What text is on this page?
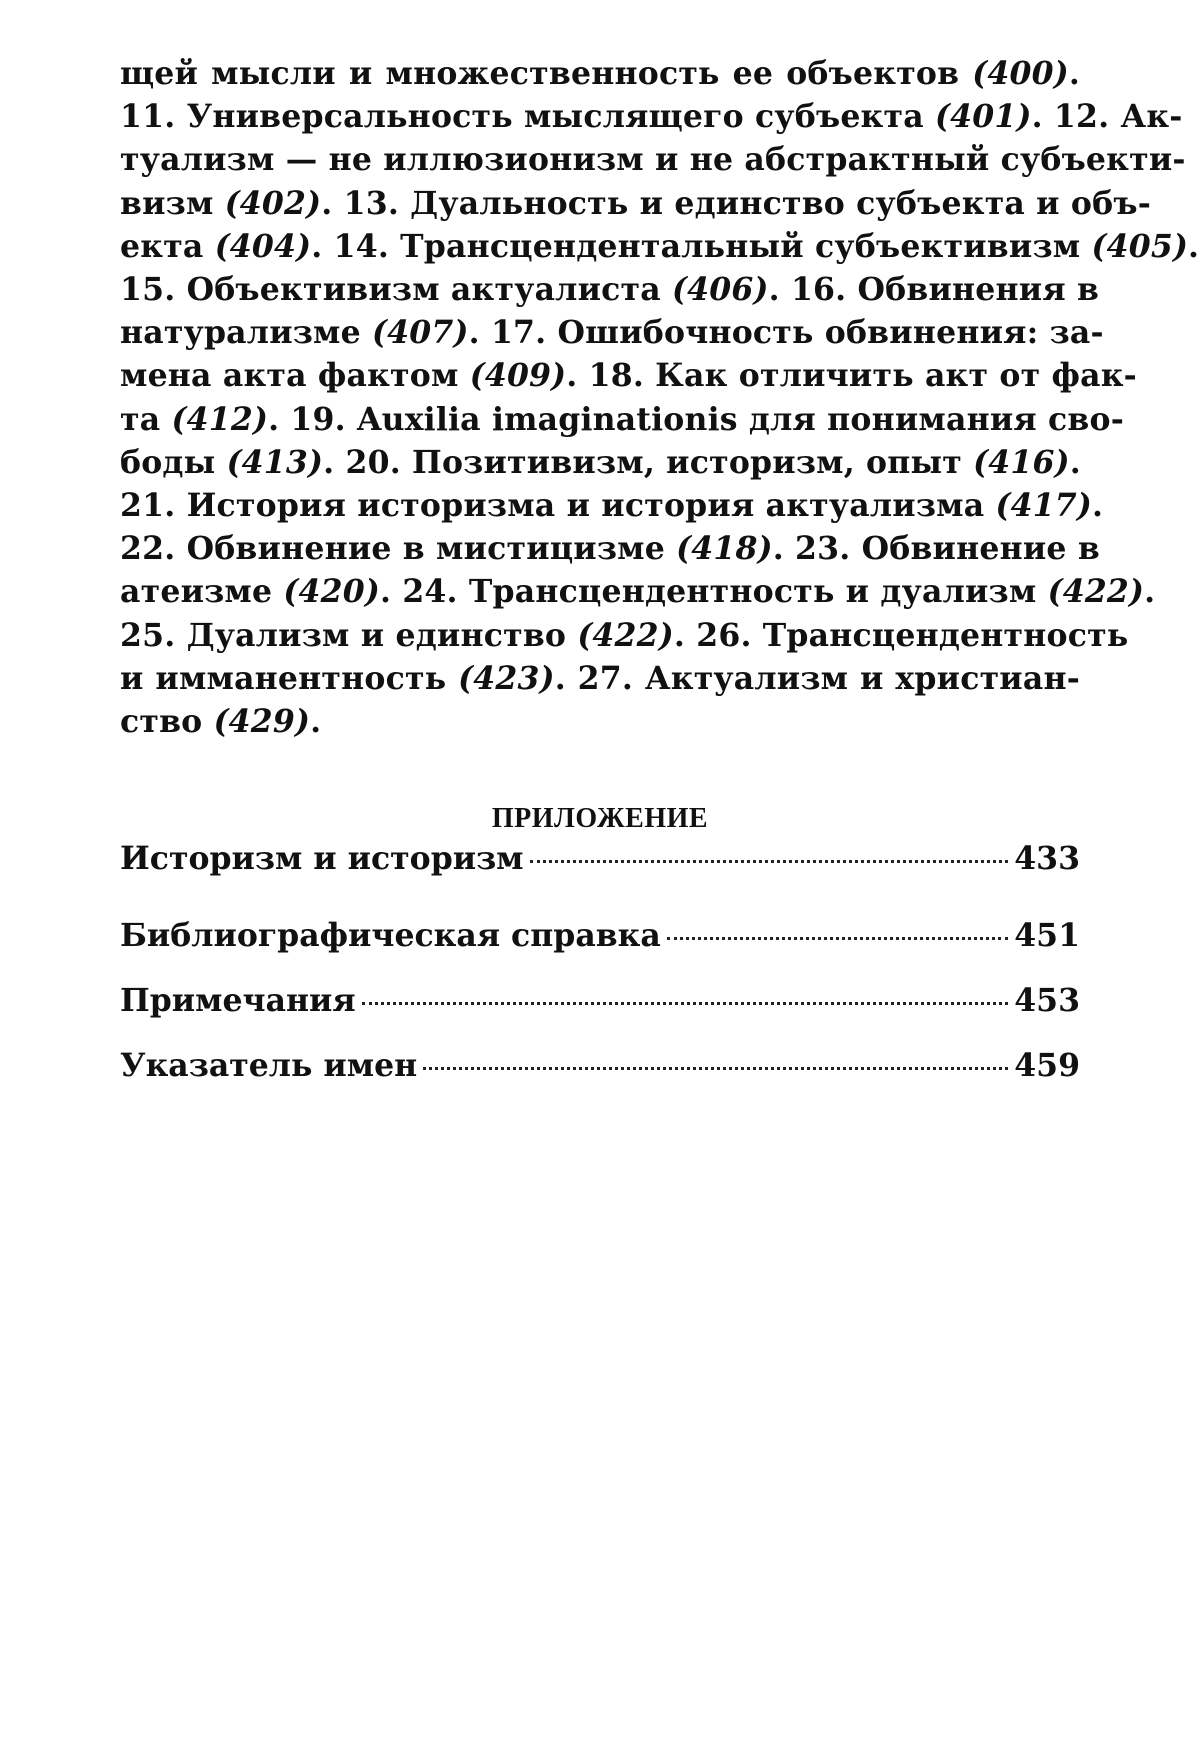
щей мысли и множественность ее объектов (400).
11. Универсальность мыслящего субъекта (401). 12. Ак-
туализм — не иллюзионизм и не абстрактный субъекти-
визм (402). 13. Дуальность и единство субъекта и объ-
екта (404). 14. Трансцендентальный субъективизм (405).
15. Объективизм актуалиста (406). 16. Обвинения в
натурализме (407). 17. Ошибочность обвинения: за-
мена акта фактом (409). 18. Как отличить акт от фак-
та (412). 19. Auxilia imaginationis для понимания сво-
боды (413). 20. Позитивизм, историзм, опыт (416).
21. История историзма и история актуализма (417).
22. Обвинение в мистицизме (418). 23. Обвинение в
атеизме (420). 24. Трансцендентность и дуализм (422).
25. Дуализм и единство (422). 26. Трансцендентность
и имманентность (423). 27. Актуализм и христиан-
ство (429).
ПРИЛОЖЕНИЕ
Историзм и историзм	433
Библиографическая справка	451
Примечания	453
Указатель имен	459
